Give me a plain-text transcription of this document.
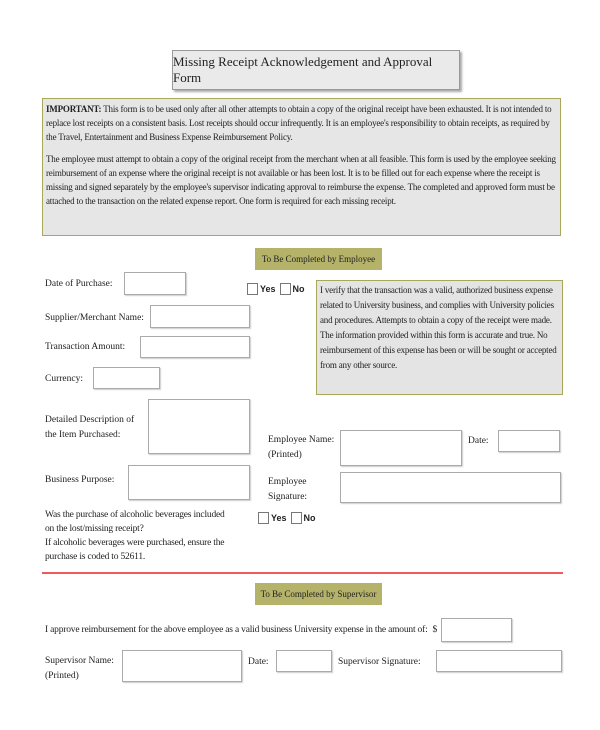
Missing Receipt Acknowledgement and Approval Form

IMPORTANT: This form is to be used only after all other attempts to obtain a copy of the original receipt have been exhausted. It is not intended to replace lost receipts on a consistent basis. Lost receipts should occur infrequently. It is an employee's responsibility to obtain receipts, as required by the Travel, Entertainment and Business Expense Reimbursement Policy.

The employee must attempt to obtain a copy of the original receipt from the merchant when at all feasible. This form is used by the employee seeking reimbursement of an expense where the original receipt is not available or has been lost. It is to be filled out for each expense where the receipt is missing and signed separately by the employee's supervisor indicating approval to reimburse the expense. The completed and approved form must be attached to the transaction on the related expense report. One form is required for each missing receipt.

To Be Completed by Employee
Date of Purchase:
Supplier/Merchant Name:
Transaction Amount:
Currency:
Detailed Description of
the Item Purchased:
Business Purpose:
Was the purchase of alcoholic beverages included
on the lost/missing receipt?
If alcoholic beverages were purchased, ensure the
purchase is coded to 52611.
Yes No
Yes No	I verify that the transaction was a valid, authorized business expense related to University business, and complies with University policies and procedures. Attempts to obtain a copy of the receipt were made. The information provided within this form is accurate and true. No reimbursement of this expense has been or will be sought or accepted from any other source.
Employee Name:
(Printed)
Date:
Employee
Signature:
To Be Completed by Supervisor
I approve reimbursement for the above employee as a valid business University expense in the amount of: $
Supervisor Name:
(Printed)
Date:	Supervisor Signature:
